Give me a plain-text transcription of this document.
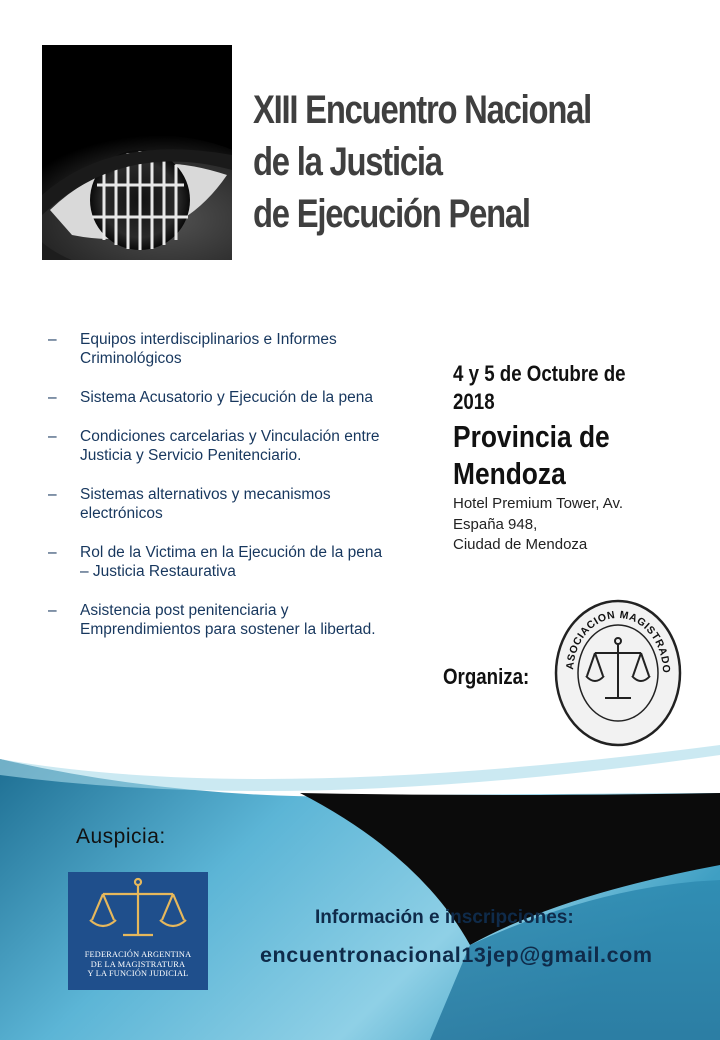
XIII Encuentro Nacional
de la Justicia
de Ejecución Penal
– Equipos interdisciplinarios e Informes Criminológicos
– Sistema Acusatorio y Ejecución de la pena
– Condiciones carcelarias y Vinculación entre Justicia y Servicio Penitenciario.
– Sistemas alternativos y mecanismos electrónicos
– Rol de la Victima en la Ejecución de la pena – Justicia Restaurativa
– Asistencia post penitenciaria y Emprendimientos para sostener la libertad.
4 y 5 de Octubre de
2018
Provincia de
Mendoza
Hotel Premium Tower, Av.
España 948,
Ciudad de Mendoza
Organiza:	ASOCIACION MAGISTRADO
Auspicia:
FEDERACIÓN ARGENTINA
DE LA MAGISTRATURA
Y LA FUNCIÓN JUDICIAL
Información e inscripciones:
encuentronacional13jep@gmail.com
